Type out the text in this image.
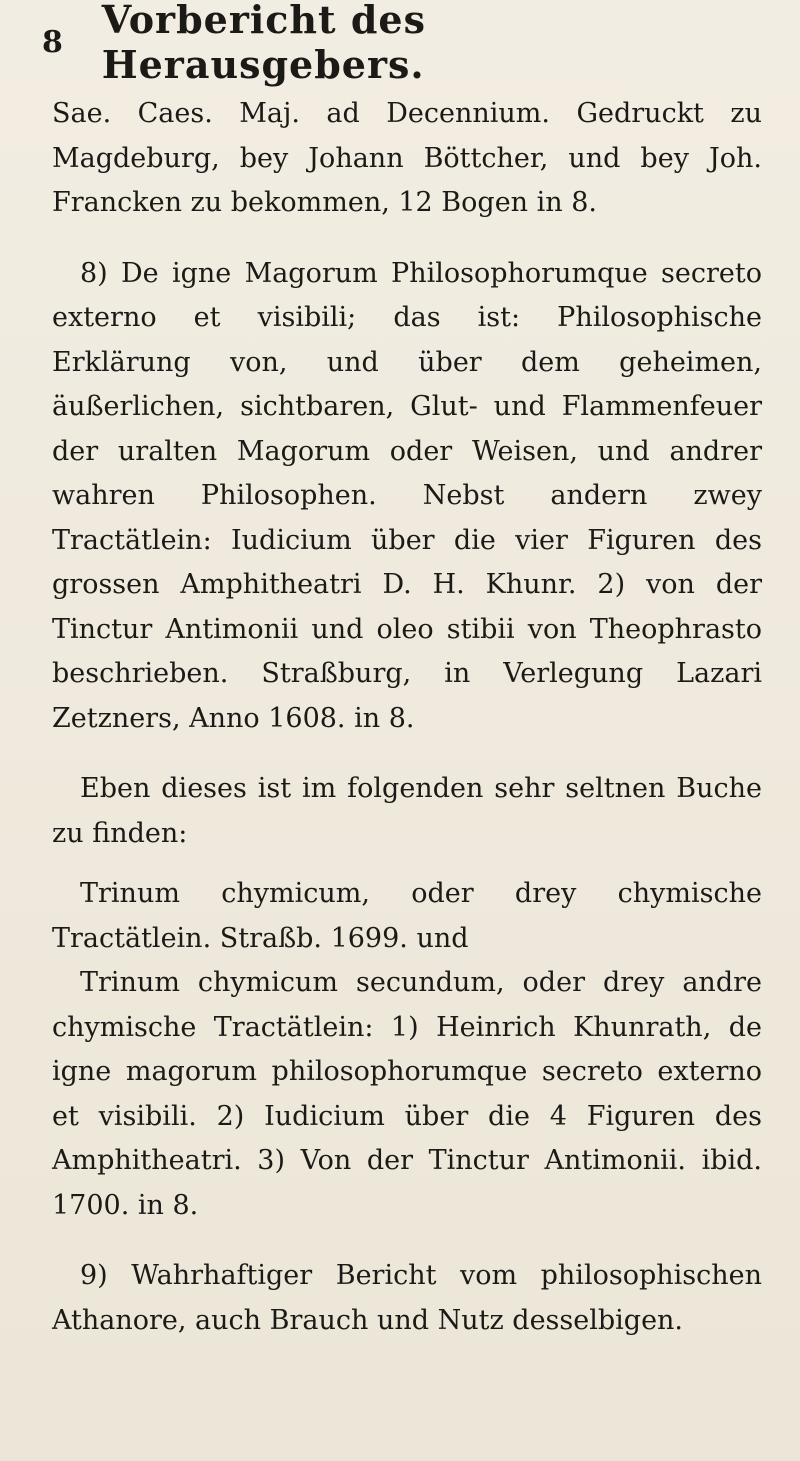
8	Vorbericht des Herausgebers.

Sae. Caes. Maj. ad Decennium. Gedruckt zu Magdeburg, bey Johann Böttcher, und bey Joh. Francken zu bekommen, 12 Bogen in 8.

8) De igne Magorum Philosophorumque secreto externo et visibili; das ist: Philosophische Erklärung von, und über dem geheimen, äußerlichen, sichtbaren, Glut- und Flammenfeuer der uralten Magorum oder Weisen, und andrer wahren Philosophen. Nebst andern zwey Tractätlein: Iudicium über die vier Figuren des grossen Amphitheatri D. H. Khunr. 2) von der Tinctur Antimonii und oleo stibii von Theophrasto beschrieben. Straßburg, in Verlegung Lazari Zetzners, Anno 1608. in 8.

Eben dieses ist im folgenden sehr seltnen Buche zu finden:

Trinum chymicum, oder drey chymische Tractätlein. Straßb. 1699. und

Trinum chymicum secundum, oder drey andre chymische Tractätlein: 1) Heinrich Khunrath, de igne magorum philosophorumque secreto externo et visibili. 2) Iudicium über die 4 Figuren des Amphitheatri. 3) Von der Tinctur Antimonii. ibid. 1700. in 8.

9) Wahrhaftiger Bericht vom philosophischen Athanore, auch Brauch und Nutz desselbigen.
